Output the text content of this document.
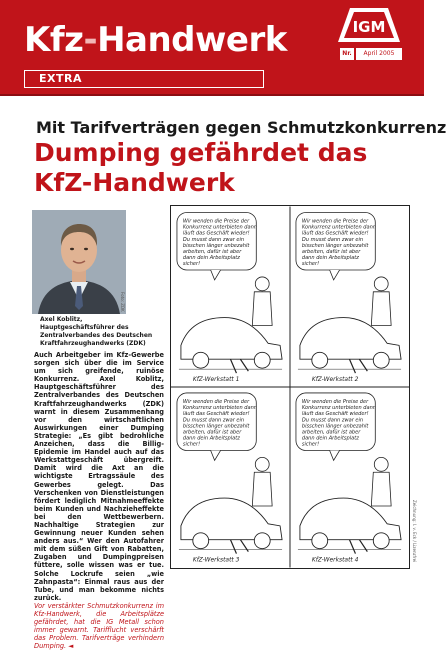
Kfz-Handwerk
EXTRA
IGM
Nr. 1
April 2005
Mit Tarifverträgen gegen Schmutzkonkurrenz
Dumping gefährdet das KfZ-Handwerk
Foto: ZDK
Axel Koblitz, Hauptgeschäftsführer des Zentralverbandes des Deutschen Kraftfahrzeughandwerks (ZDK)

Auch Arbeitgeber im Kfz-Gewerbe sorgen sich über die im Service um sich greifende, ruinöse Konkurrenz. Axel Koblitz, Hauptgeschäftsführer des Zentralverbandes des Deutschen Kraftfahrzeughandwerks (ZDK) warnt in diesem Zusammenhang vor den wirtschaftlichen Auswirkungen einer Dumping Strategie: „Es gibt bedrohliche Anzeichen, dass die Billig-Epidemie im Handel auch auf das Werkstattgeschäft übergreift. Damit wird die Axt an die wichtigste Ertragssäule des Gewerbes gelegt. Das Verschenken von Dienstleistungen fördert lediglich Mitnahmeeffekte beim Kunden und Nachzieheffekte bei den Wettbewerbern. Nachhaltige Strategien zur Gewinnung neuer Kunden sehen anders aus.“ Wer den Autofahrer mit dem süßen Gift von Rabatten, Zugaben und Dumpingpreisen füttere, solle wissen was er tue. Solche Lockrufe seien „wie Zahnpasta“: Einmal raus aus der Tube, und man bekomme nichts zurück.

Vor verstärkter Schmutzkonkurrenz im Kfz-Handwerk, die Arbeitsplätze gefährdet, hat die IG Metall schon immer gewarnt. Tarifflucht verschärft das Problem. Tarifverträge verhindern Dumping. ◄

Wir wenden die Preise der Konkurrenz unterbieten dann läuft das Geschäft wieder! Du musst dann zwar ein bisschen länger unbezahlt arbeiten, dafür ist aber dann dein Arbeitsplatz sicher!
KfZ-Werkstatt 1
Wir wenden die Preise der Konkurrenz unterbieten dann läuft das Geschäft wieder! Du musst dann zwar ein bisschen länger unbezahlt arbeiten, dafür ist aber dann dein Arbeitsplatz sicher!
KfZ-Werkstatt 2
Wir wenden die Preise der Konkurrenz unterbieten dann läuft das Geschäft wieder! Du musst dann zwar ein bisschen länger unbezahlt arbeiten, dafür ist aber dann dein Arbeitsplatz sicher!
KfZ-Werkstatt 3
Wir wenden die Preise der Konkurrenz unterbieten dann läuft das Geschäft wieder! Du musst dann zwar ein bisschen länger unbezahlt arbeiten, dafür ist aber dann dein Arbeitsplatz sicher!
KfZ-Werkstatt 4	Zeichnung: I. v. Eck / Lizenzfrei
